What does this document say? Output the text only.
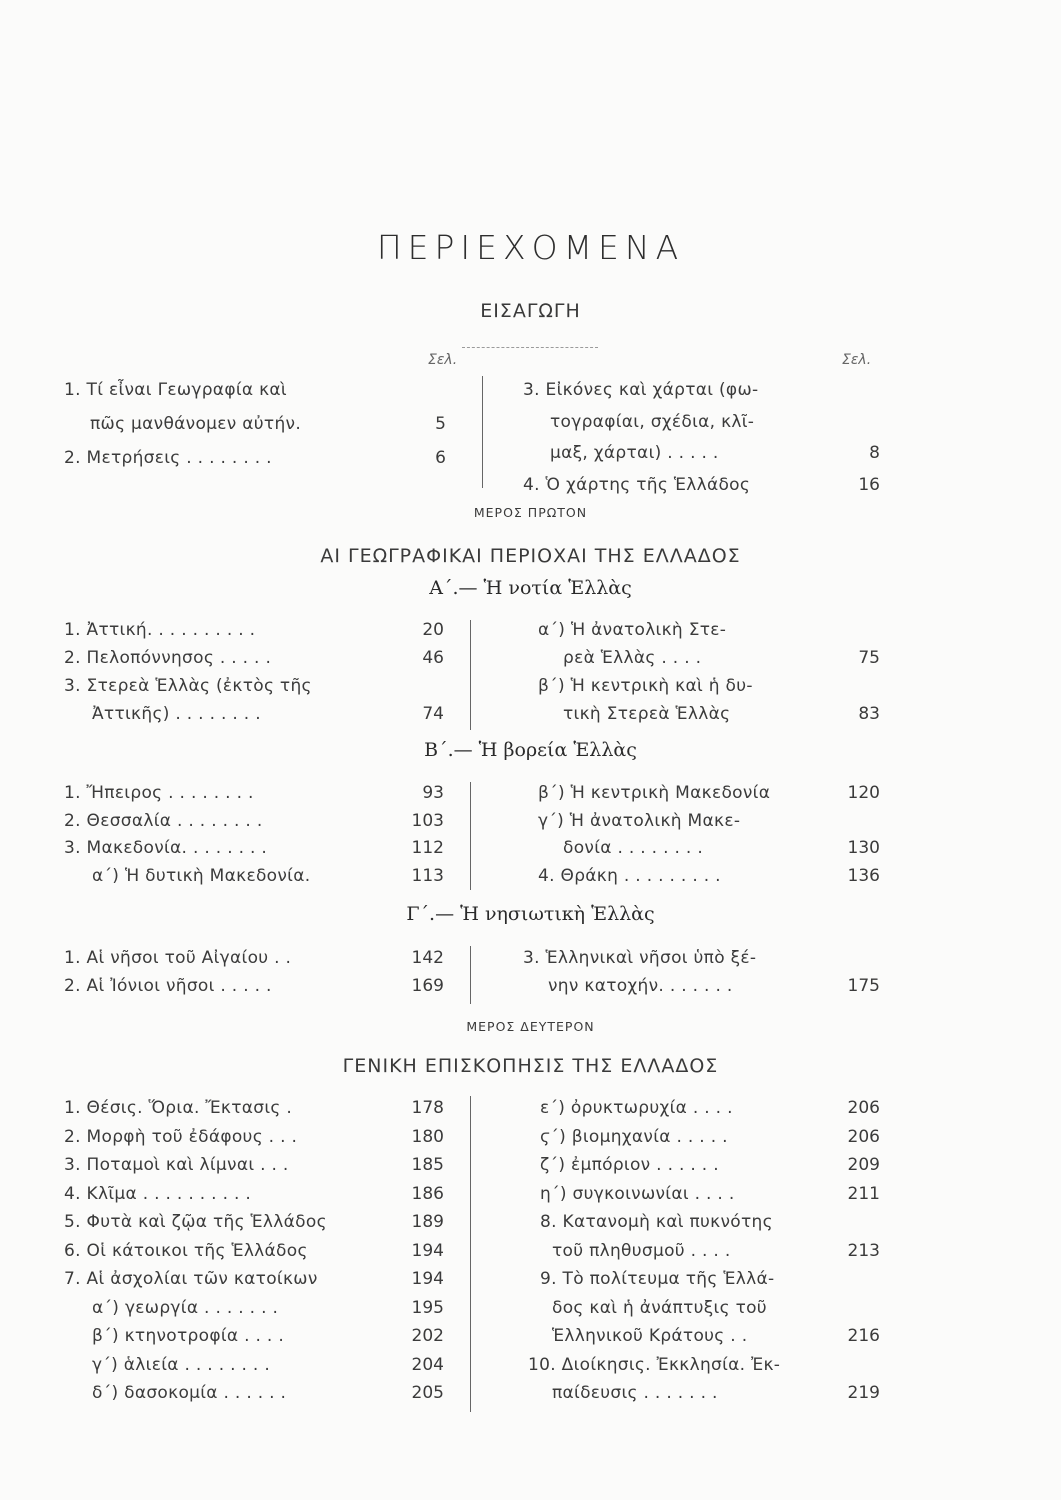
ΠΕΡΙΕΧΟΜΕΝΑ
ΕΙΣΑΓΩΓΗ
Σελ.	Σελ.
ΜΕΡΟΣ ΠΡΩΤΟΝ
ΑΙ ΓΕΩΓΡΑΦΙΚΑΙ ΠΕΡΙΟΧΑΙ ΤΗΣ ΕΛΛΑΔΟΣ
Α΄.— Ἡ νοτία Ἑλλὰς
Β΄.— Ἡ βορεία Ἑλλὰς
Γ΄.— Ἡ νησιωτικὴ Ἑλλὰς
ΜΕΡΟΣ ΔΕΥΤΕΡΟΝ
ΓΕΝΙΚΗ ΕΠΙΣΚΟΠΗΣΙΣ ΤΗΣ ΕΛΛΑΔΟΣ
1. Τί εἶναι Γεωγραφία καὶ
πῶς μανθάνομεν αὐτήν.	5
2. Μετρήσεις . . . . . . . .	6
3. Εἰκόνες καὶ χάρται (φω-
τογραφίαι, σχέδια, κλῖ-
μαξ, χάρται) . . . . .	8
4. Ὁ χάρτης τῆς Ἑλλάδος	16
1. Ἀττική. . . . . . . . . .	20
2. Πελοπόννησος . . . . .	46
3. Στερεὰ Ἑλλὰς (ἐκτὸς τῆς
Ἀττικῆς) . . . . . . . .	74
α΄) Ἡ ἀνατολικὴ Στε-
ρεὰ Ἑλλὰς . . . .	75
β΄) Ἡ κεντρικὴ καὶ ἡ δυ-
τικὴ Στερεὰ Ἑλλὰς	83
1. Ἤπειρος . . . . . . . .	93
2. Θεσσαλία . . . . . . . .	103
3. Μακεδονία. . . . . . . .	112
α΄) Ἡ δυτικὴ Μακεδονία.	113
β΄) Ἡ κεντρικὴ Μακεδονία	120
γ΄) Ἡ ἀνατολικὴ Μακε-
δονία . . . . . . . .	130
4. Θράκη . . . . . . . . .	136
1. Αἱ νῆσοι τοῦ Αἰγαίου . .	142
2. Αἱ Ἰόνιοι νῆσοι . . . . .	169
3. Ἑλληνικαὶ νῆσοι ὑπὸ ξέ-
νην κατοχήν. . . . . . .	175
1. Θέσις. Ὅρια. Ἔκτασις .	178
2. Μορφὴ τοῦ ἐδάφους . . .	180
3. Ποταμοὶ καὶ λίμναι . . .	185
4. Κλῖμα . . . . . . . . . .	186
5. Φυτὰ καὶ ζῷα τῆς Ἑλλάδος	189
6. Οἱ κάτοικοι τῆς Ἑλλάδος	194
7. Αἱ ἀσχολίαι τῶν κατοίκων	194
α΄) γεωργία . . . . . . .	195
β΄) κτηνοτροφία . . . .	202
γ΄) ἁλιεία . . . . . . . .	204
δ΄) δασοκομία . . . . . .	205
ε΄) ὀρυκτωρυχία . . . .	206
ϛ΄) βιομηχανία . . . . .	206
ζ΄) ἐμπόριον . . . . . .	209
η΄) συγκοινωνίαι . . . .	211
8. Κατανομὴ καὶ πυκνότης
τοῦ πληθυσμοῦ . . . .	213
9. Τὸ πολίτευμα τῆς Ἑλλά-
δος καὶ ἡ ἀνάπτυξις τοῦ
Ἑλληνικοῦ Κράτους . .	216
10. Διοίκησις. Ἐκκλησία. Ἐκ-
παίδευσις . . . . . . .	219
